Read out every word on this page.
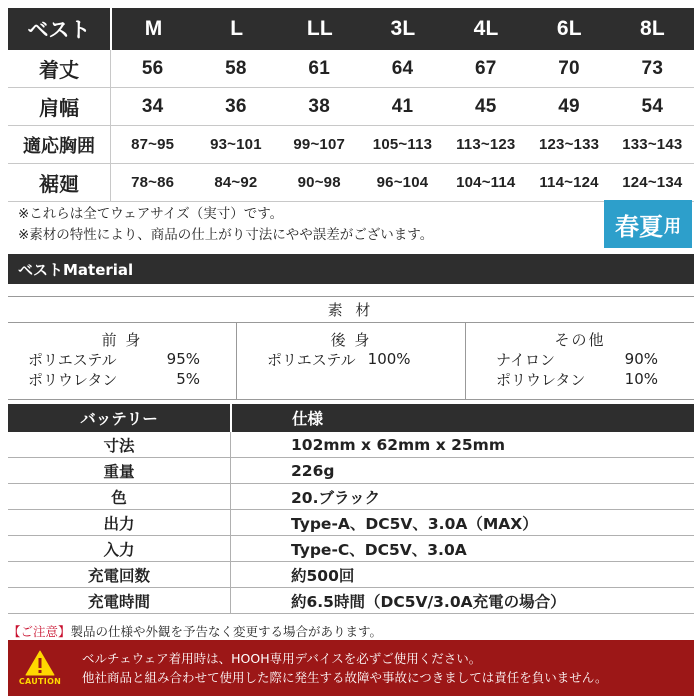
ベスト	M	L	LL	3L	4L	6L	8L
着丈	56	58	61	64	67	70	73
肩幅	34	36	38	41	45	49	54
適応胸囲	87~95	93~101	99~107	105~113	113~123	123~133	133~143
裾廻	78~86	84~92	90~98	96~104	104~114	114~124	124~134
※これらは全てウェアサイズ（実寸）です。
※素材の特性により、商品の仕上がり寸法にやや誤差がございます。	春夏 用
ベストMaterial
素 材
前 身
ポリエステル	95%
ポリウレタン	5%
後 身
ポリエステル 100%
その他
ナイロン	90%
ポリウレタン	10%
バッテリー	仕様
寸法	102mm x 62mm x 25mm
重量	226g
色	20.ブラック
出力	Type-A、DC5V、3.0A（MAX）
入力	Type-C、DC5V、3.0A
充電回数	約500回
充電時間	約6.5時間（DC5V/3.0A充電の場合）
【ご注意】製品の仕様や外観を予告なく変更する場合があります。
CAUTION
ベルチェウェア着用時は、HOOH専用デバイスを必ずご使用ください。
他社商品と組み合わせて使用した際に発生する故障や事故につきましては責任を負いません。
